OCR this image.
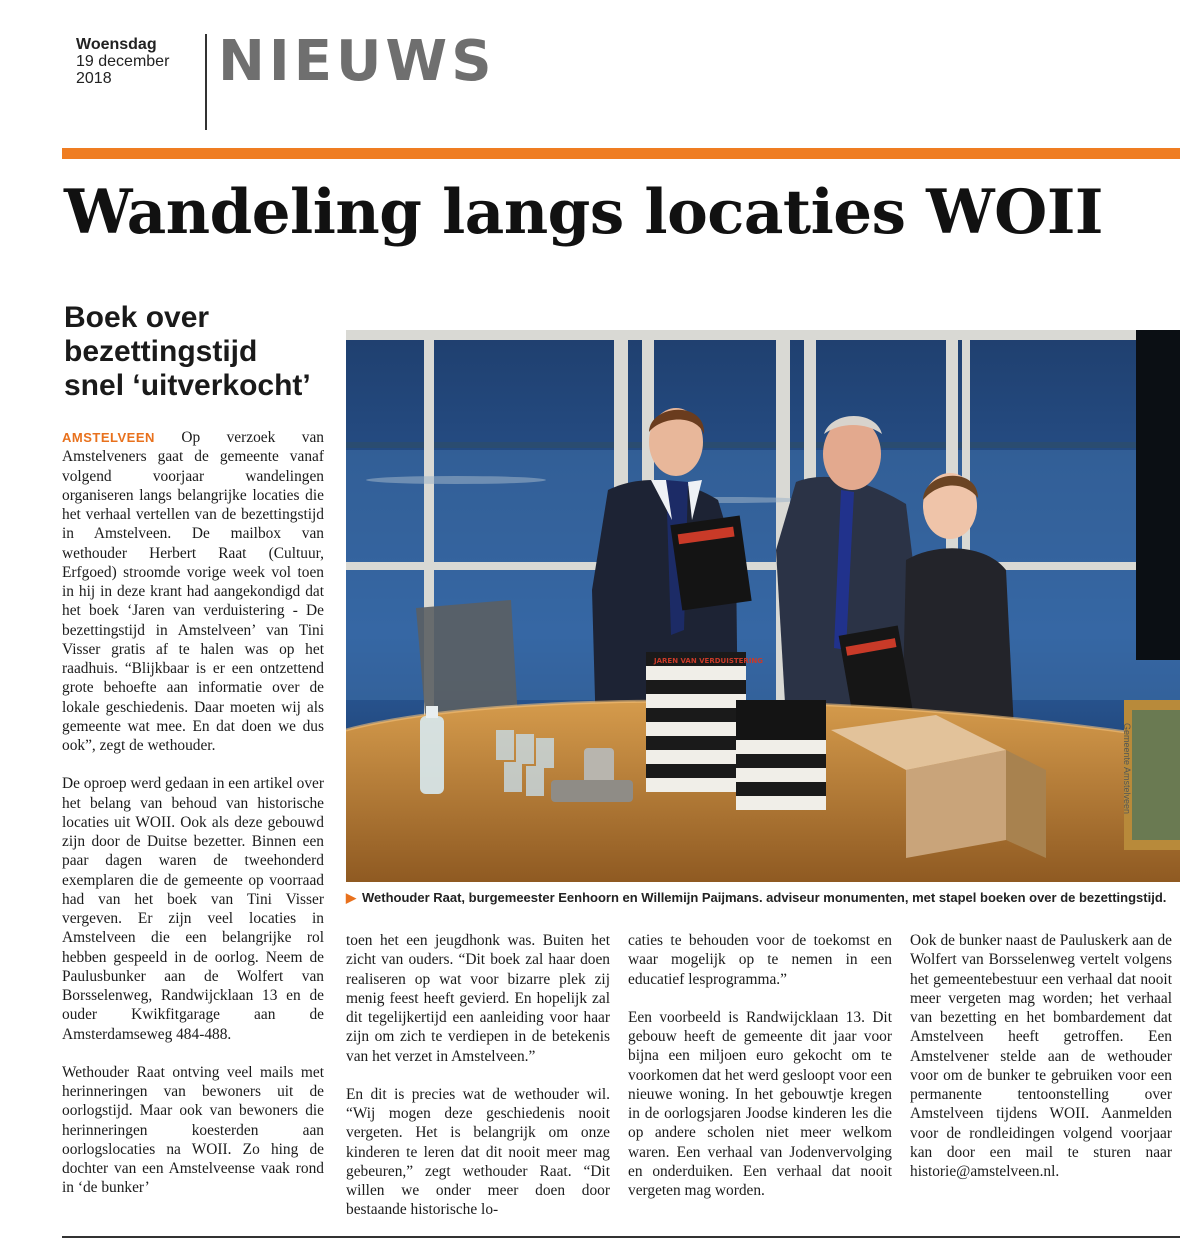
Woensdag
19 december
2018	NIEUWS
Wandeling langs locaties WOII
Boek over
bezettingstijd
snel ‘uitverkocht’

AMSTELVEEN Op verzoek van Amstelveners gaat de gemeente vanaf volgend voorjaar wandelingen organiseren langs belangrijke locaties die het verhaal vertellen van de bezettingstijd in Amstelveen. De mailbox van wethouder Herbert Raat (Cultuur, Erfgoed) stroomde vorige week vol toen in hij in deze krant had aangekondigd dat het boek ‘Jaren van verduistering - De bezettingstijd in Amstelveen’ van Tini Visser gratis af te halen was op het raadhuis. “Blijkbaar is er een ontzettend grote behoefte aan informatie over de lokale geschiedenis. Daar moeten wij als gemeente wat mee. En dat doen we dus ook”, zegt de wethouder.

De oproep werd gedaan in een artikel over het belang van behoud van historische locaties uit WOII. Ook als deze gebouwd zijn door de Duitse bezetter. Binnen een paar dagen waren de tweehonderd exemplaren die de gemeente op voorraad had van het boek van Tini Visser vergeven. Er zijn veel locaties in Amstelveen die een belangrijke rol hebben gespeeld in de oorlog. Neem de Paulusbunker aan de Wolfert van Borsselenweg, Randwijcklaan 13 en de ouder Kwikfitgarage aan de Amsterdamseweg 484-488.

Wethouder Raat ontving veel mails met herinneringen van bewoners uit de oorlogstijd. Maar ook van bewoners die herinneringen koesterden aan oorlogslocaties na WOII. Zo hing de dochter van een Amstelveense vaak rond in ‘de bunker’

JAREN VAN VERDUISTERING
Gemeente Amstelveen
▶ Wethouder Raat, burgemeester Eenhoorn en Willemijn Paijmans. adviseur monumenten, met stapel boeken over de bezettingstijd.

toen het een jeugdhonk was. Buiten het zicht van ouders. “Dit boek zal haar doen realiseren op wat voor bizarre plek zij menig feest heeft gevierd. En hopelijk zal dit tegelijkertijd een aanleiding voor haar zijn om zich te verdiepen in de betekenis van het verzet in Amstelveen.”

En dit is precies wat de wethouder wil. “Wij mogen deze geschiedenis nooit vergeten. Het is belangrijk om onze kinderen te leren dat dit nooit meer mag gebeuren,” zegt wethouder Raat. “Dit willen we onder meer doen door bestaande historische lo-

caties te behouden voor de toekomst en waar mogelijk op te nemen in een educatief lesprogramma.”

Een voorbeeld is Randwijcklaan 13. Dit gebouw heeft de gemeente dit jaar voor bijna een miljoen euro gekocht om te voorkomen dat het werd gesloopt voor een nieuwe woning. In het gebouwtje kregen in de oorlogsjaren Joodse kinderen les die op andere scholen niet meer welkom waren. Een verhaal van Jodenvervolging en onderduiken. Een verhaal dat nooit vergeten mag worden.

Ook de bunker naast de Pauluskerk aan de Wolfert van Borsselenweg vertelt volgens het gemeentebestuur een verhaal dat nooit meer vergeten mag worden; het verhaal van bezetting en het bombardement dat Amstelveen heeft getroffen. Een Amstelvener stelde aan de wethouder voor om de bunker te gebruiken voor een permanente tentoonstelling over Amstelveen tijdens WOII. Aanmelden voor de rondleidingen volgend voorjaar kan door een mail te sturen naar historie@amstelveen.nl.
